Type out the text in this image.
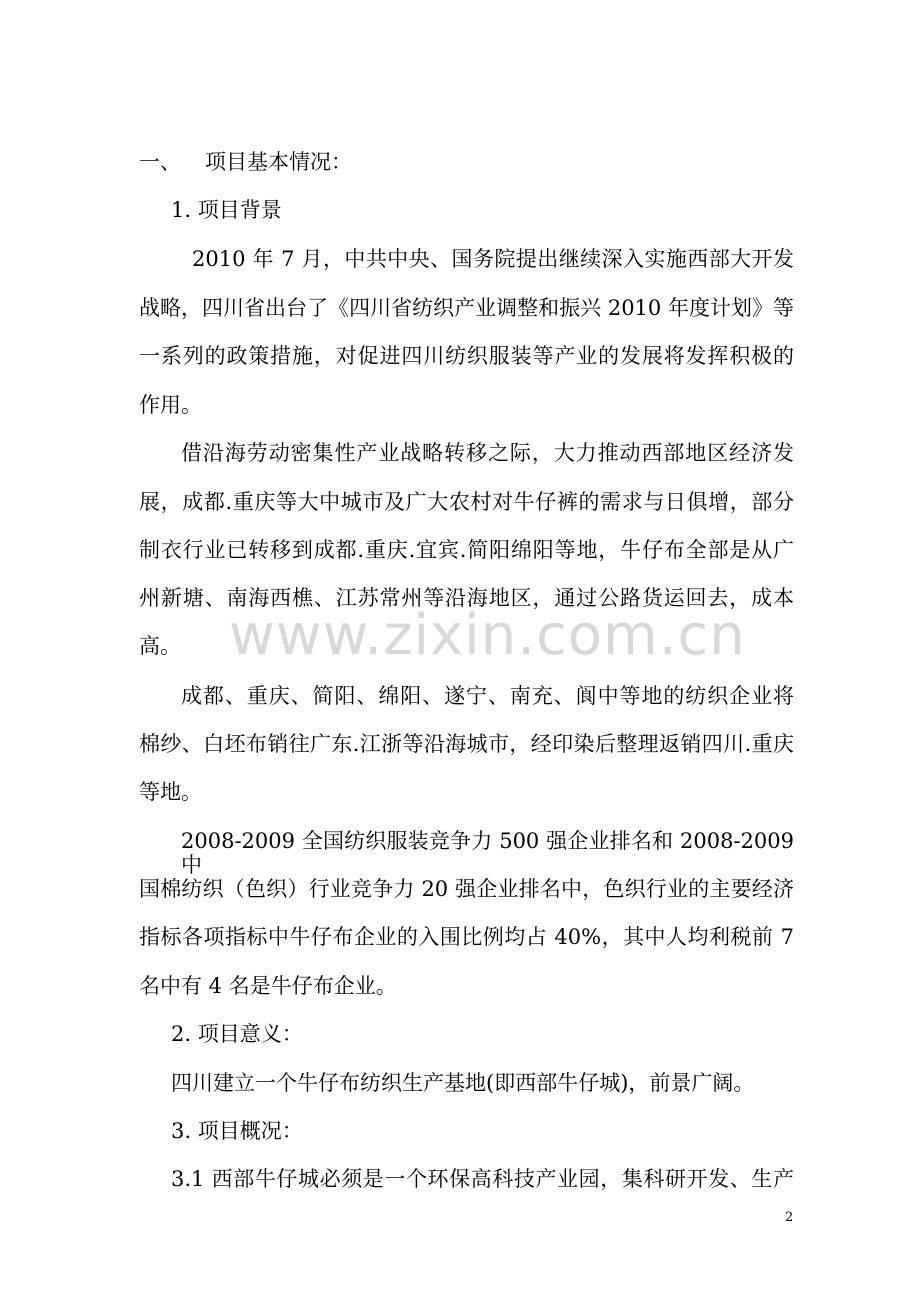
www.zixin.com.cn
一、 项目基本情况：
1. 项目背景
2010 年 7 月，中共中央、国务院提出继续深入实施西部大开发
战略，四川省出台了《四川省纺织产业调整和振兴 2010 年度计划》等
一系列的政策措施，对促进四川纺织服装等产业的发展将发挥积极的
作用。
借沿海劳动密集性产业战略转移之际，大力推动西部地区经济发
展，成都.重庆等大中城市及广大农村对牛仔裤的需求与日俱增，部分
制衣行业已转移到成都.重庆.宜宾.简阳绵阳等地，牛仔布全部是从广
州新塘、南海西樵、江苏常州等沿海地区，通过公路货运回去，成本
高。
成都、重庆、简阳、绵阳、遂宁、南充、阆中等地的纺织企业将
棉纱、白坯布销往广东.江浙等沿海城市，经印染后整理返销四川.重庆
等地。
2008-2009 全国纺织服装竞争力 500 强企业排名和 2008-2009 中
国棉纺织（色织）行业竞争力 20 强企业排名中，色织行业的主要经济
指标各项指标中牛仔布企业的入围比例均占 40%，其中人均利税前 7
名中有 4 名是牛仔布企业。
2. 项目意义：
四川建立一个牛仔布纺织生产基地(即西部牛仔城)，前景广阔。
3. 项目概况：
3.1 西部牛仔城必须是一个环保高科技产业园，集科研开发、生产
2
